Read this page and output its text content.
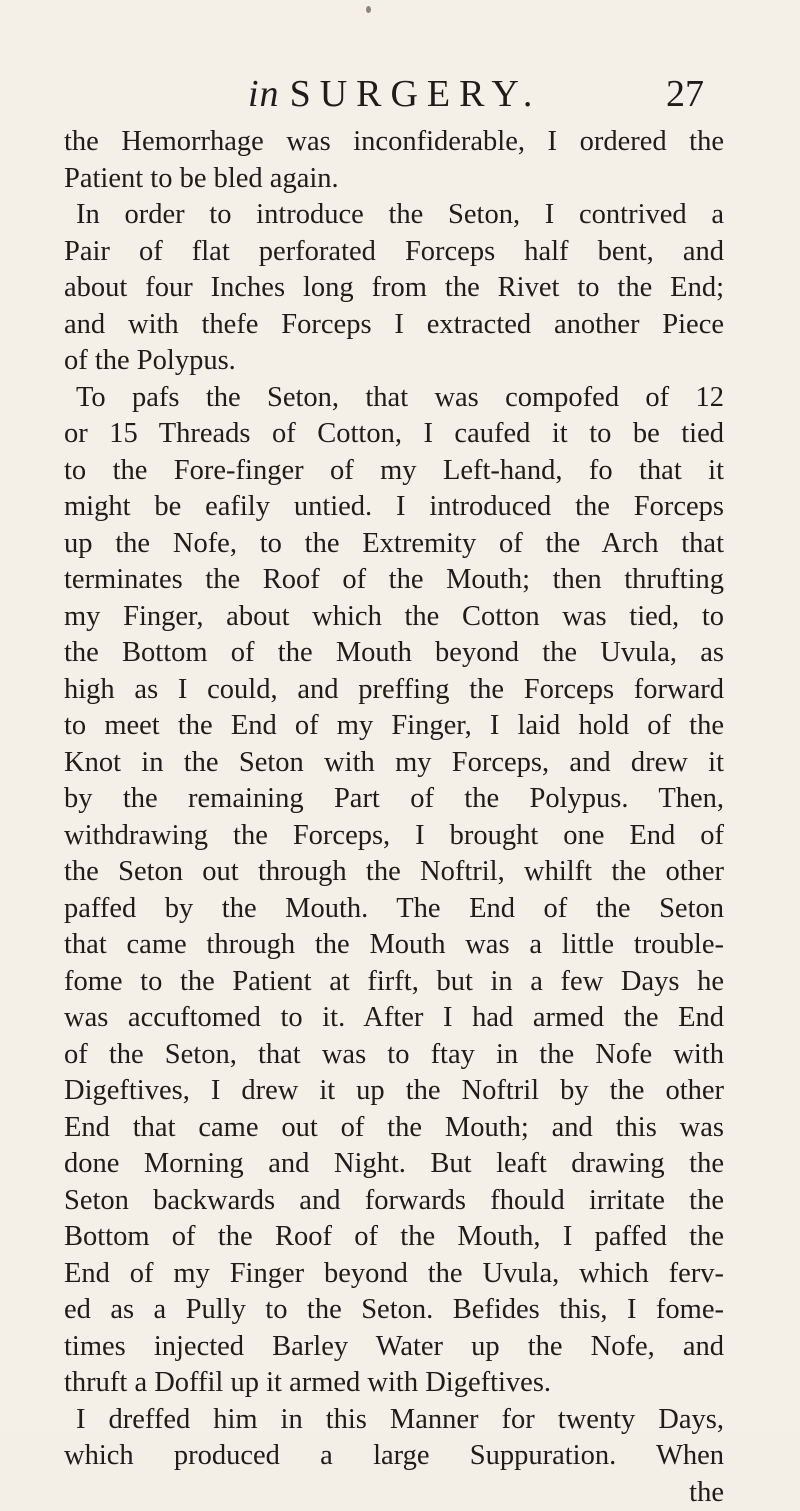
in SURGERY.	27
the Hemorrhage was inconfiderable, I ordered the
Patient to be bled again.
In order to introduce the Seton, I contrived a
Pair of flat perforated Forceps half bent, and
about four Inches long from the Rivet to the End;
and with thefe Forceps I extracted another Piece
of the Polypus.
To pafs the Seton, that was compofed of 12
or 15 Threads of Cotton, I caufed it to be tied
to the Fore-finger of my Left-hand, fo that it
might be eafily untied. I introduced the Forceps
up the Nofe, to the Extremity of the Arch that
terminates the Roof of the Mouth; then thrufting
my Finger, about which the Cotton was tied, to
the Bottom of the Mouth beyond the Uvula, as
high as I could, and preffing the Forceps forward
to meet the End of my Finger, I laid hold of the
Knot in the Seton with my Forceps, and drew it
by the remaining Part of the Polypus. Then,
withdrawing the Forceps, I brought one End of
the Seton out through the Noftril, whilft the other
paffed by the Mouth. The End of the Seton
that came through the Mouth was a little trouble-
fome to the Patient at firft, but in a few Days he
was accuftomed to it. After I had armed the End
of the Seton, that was to ftay in the Nofe with
Digeftives, I drew it up the Noftril by the other
End that came out of the Mouth; and this was
done Morning and Night. But leaft drawing the
Seton backwards and forwards fhould irritate the
Bottom of the Roof of the Mouth, I paffed the
End of my Finger beyond the Uvula, which ferv-
ed as a Pully to the Seton. Befides this, I fome-
times injected Barley Water up the Nofe, and
thruft a Doffil up it armed with Digeftives.
I dreffed him in this Manner for twenty Days,
which produced a large Suppuration. When
the
